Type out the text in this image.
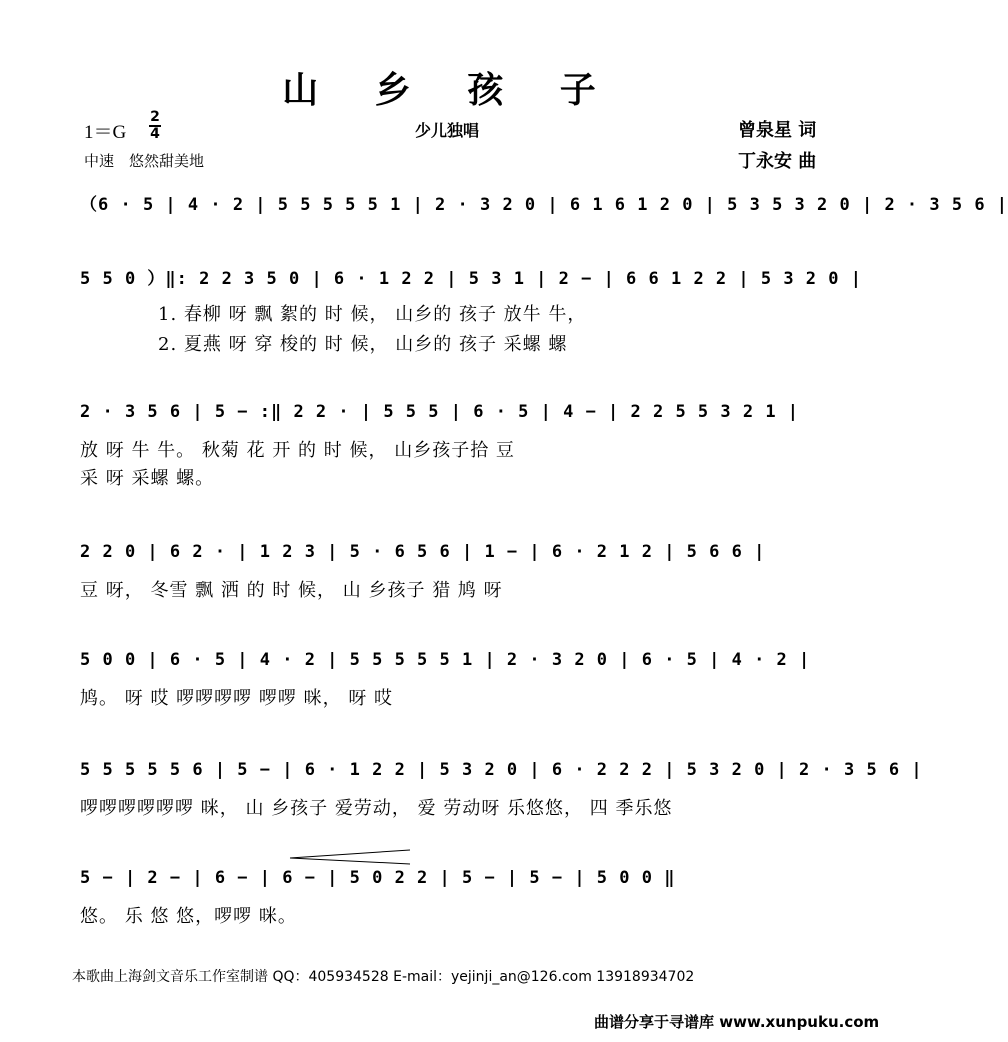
山 乡 孩 子
1＝G
2
4	少儿独唱	曾泉星 词
丁永安 曲
中速　悠然甜美地
（6 · 5 | 4 · 2 | 5 5 5 5 5 1 | 2 · 3 2 0 | 6 1 6 1 2 0 | 5 3 5 3 2 0 | 2 · 3 5 6 |
5 5 0 ）‖: 2 2 3 5 0 | 6 · 1 2 2 | 5 3 1 | 2 − | 6 6 1 2 2 | 5 3 2 0 |
1. 春柳 呀 飘 絮的 时 候， 山乡的 孩子 放牛 牛，
2. 夏燕 呀 穿 梭的 时 候， 山乡的 孩子 采螺 螺
2 · 3 5 6 | 5 − :‖ 2 2 · | 5 5 5 | 6 · 5 | 4 − | 2 2 5 5 3 2 1 |
放 呀 牛 牛。 秋菊 花 开 的 时 候， 山乡孩子拾 豆
采 呀 采螺 螺。
2 2 0 | 6 2 · | 1 2 3 | 5 · 6 5 6 | 1 − | 6 · 2 1 2 | 5 6 6 |
豆 呀， 冬雪 飘 洒 的 时 候， 山 乡孩子 猎 鸠 呀
5 0 0 | 6 · 5 | 4 · 2 | 5 5 5 5 5 1 | 2 · 3 2 0 | 6 · 5 | 4 · 2 |
鸠。 呀 哎 啰啰啰啰 啰啰 咪， 呀 哎
5 5 5 5 5 6 | 5 − | 6 · 1 2 2 | 5 3 2 0 | 6 · 2 2 2 | 5 3 2 0 | 2 · 3 5 6 |
啰啰啰啰啰啰 咪， 山 乡孩子 爱劳动， 爱 劳动呀 乐悠悠， 四 季乐悠
5 − | 2 − | 6 − | 6 − | 5 0 2 2 | 5 − | 5 − | 5 0 0 ‖
悠。 乐 悠 悠，啰啰 咪。
本歌曲上海剑文音乐工作室制谱 QQ：405934528 E-mail：yejinji_an@126.com 13918934702
曲谱分享于寻谱库 www.xunpuku.com
